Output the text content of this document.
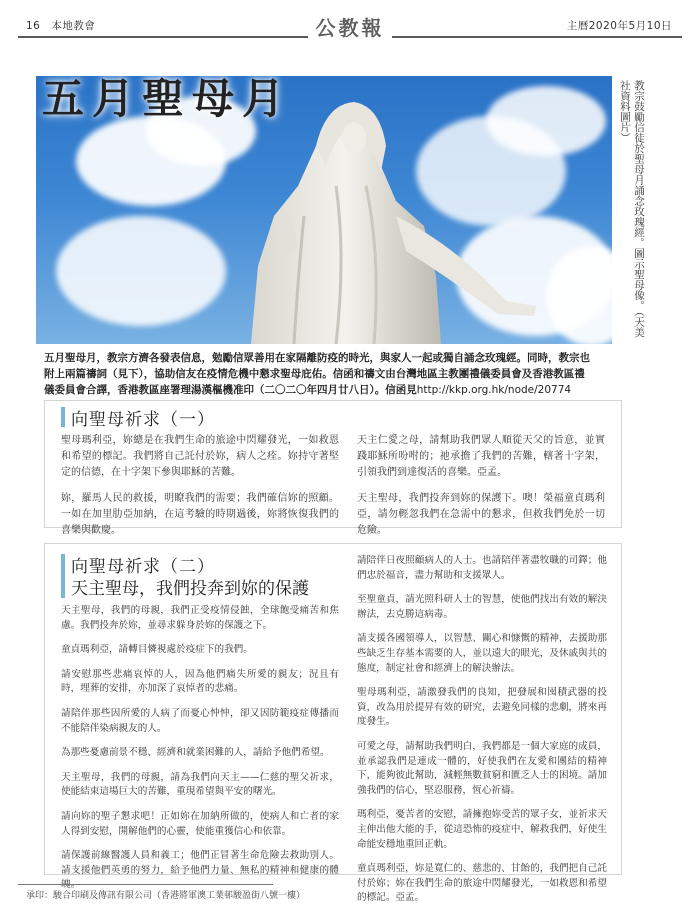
16　本地教會	公教報	主曆2020年5月10日
五月聖母月	教宗鼓勵信徒於聖母月誦念玫瑰經。圖示聖母像。（天美社資料圖片）
五月聖母月，教宗方濟各發表信息，勉勵信眾善用在家隔離防疫的時光，與家人一起或獨自誦念玫瑰經。同時，教宗也附上兩篇禱詞（見下），協助信友在疫情危機中懇求聖母庇佑。信函和禱文由台灣地區主教團禮儀委員會及香港教區禮儀委員會合譯，香港教區座署理湯漢樞機准印（二〇二〇年四月廿八日）。信函見http://kkp.org.hk/node/20774
向聖母祈求（一）

聖母瑪利亞，妳總是在我們生命的旅途中閃耀發光，一如救恩和希望的標記。我們將自己託付於妳，病人之痊。妳持守著堅定的信德，在十字架下參與耶穌的苦難。

妳，羅馬人民的救援，明瞭我們的需要；我們確信妳的照顧。一如在加里肋亞加納，在這考驗的時期過後，妳將恢復我們的喜樂與歡慶。

天主仁愛之母，請幫助我們眾人順從天父的旨意，並實踐耶穌所吩咐的；祂承擔了我們的苦難，轄著十字架，引領我們到達復活的喜樂。亞孟。

天主聖母，我們投奔到妳的保護下。噢！榮福童貞瑪利亞，請勿輕忽我們在急需中的懇求，但救我們免於一切危險。

向聖母祈求（二）
天主聖母，我們投奔到妳的保護

天主聖母，我們的母親，我們正受疫情侵蝕，全球飽受痛苦和焦慮。我們投奔於妳，並尋求躲身於妳的保護之下。

童貞瑪利亞，請轉目憐視處於疫症下的我們。

請安慰那些悲痛哀悼的人，因為他們痛失所愛的親友；況且有時，埋葬的安排，亦加深了哀悼者的悲痛。

請陪伴那些因所愛的人病了而憂心忡忡，卻又因防範疫症傳播而不能陪伴染病親友的人。

為那些憂慮前景不穩、經濟和就業困難的人，請給予他們希望。

天主聖母，我們的母親，請為我們向天主——仁慈的聖父祈求，使能結束這場巨大的苦難，重現希望與平安的曙光。

請向妳的聖子懇求吧！正如妳在加納所做的，使病人和亡者的家人得到安慰，開解他們的心靈，使能重獲信心和依靠。

請保護前線醫護人員和義工；他們正冒著生命危險去救助別人。請支援他們英勇的努力，給予他們力量、無私的精神和健康的體

請陪伴日夜照顧病人的人士。也請陪伴著盡牧職的司鐸；他們忠於福音，盡力幫助和支援眾人。

至聖童貞，請光照科研人士的智慧，使他們找出有效的解決辦法，去克勝這病毒。

請支援各國領導人，以智慧、關心和慷慨的精神，去援助那些缺乏生存基本需要的人，並以遠大的眼光，及休戚與共的態度，制定社會和經濟上的解決辦法。

聖母瑪利亞，請激發我們的良知，把發展和囤積武器的投資，改為用於提昇有效的研究，去避免同樣的悲劇，將來再度發生。

可愛之母，請幫助我們明白，我們都是一個大家庭的成員，並承認我們是連成一體的，好使我們在友愛和團結的精神下，能夠彼此幫助，減輕無數貧窮和匱乏人士的困境。請加強我們的信心，堅忍服務，恆心祈禱。

瑪利亞，憂苦者的安慰，請擁抱妳受苦的眾子女，並祈求天主伸出他大能的手，從這恐怖的疫症中，解救我們，好使生命能安穩地重回正軌。

童貞瑪利亞，妳是寬仁的、慈悲的、甘飴的，我們把自己託付於妳；妳在我們生命的旅途中閃耀發光，一如救恩和希望的標記。亞孟。

承印：駿合印刷及傳訊有限公司（香港將軍澳工業邨駿盈街八號一樓）
